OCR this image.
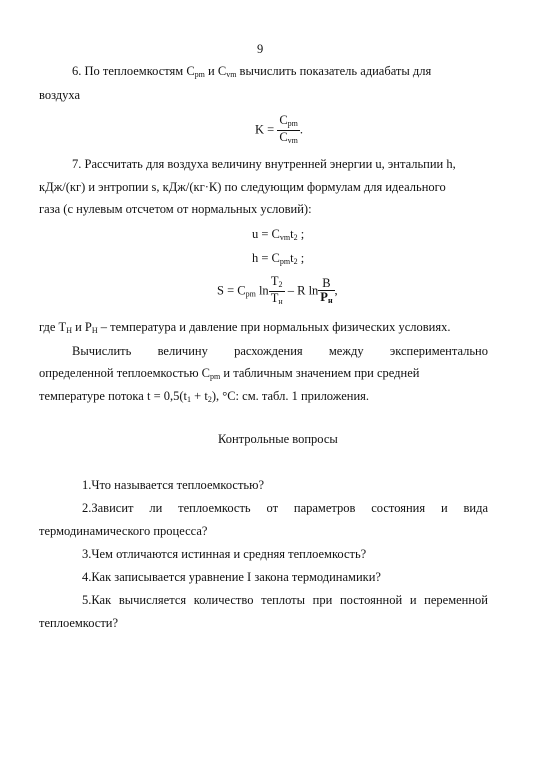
9
6. По теплоемкостям $C_{pm}$ и $C_{vm}$ вычислить показатель адиабаты для
воздуха
$K = \frac{C_{pm}}{C_{vm}}$ .
7. Рассчитать для воздуха величину внутренней энергии u, энтальпии h,
кДж/(кг) и энтропии s, кДж/(кг·К) по следующим формулам для идеального
газа (с нулевым отсчетом от нормальных условий):
$u = C_{vm}t_2$ ;
$h = C_{pm}t_2$ ;
$S = C_{pm}$ $\ln \frac{T_2}{T_н}$ – R $\ln \frac{B}{P_н}$ ,
где $T_Н$ и $P_Н$ – температура и давление при нормальных физических условиях.
Вычислить величину расхождения между экспериментально
определенной теплоемкостью $C_{pm}$ и табличным значением при средней
температуре потока $t = 0,5(t_1 + t_2)$, °С: см. табл. 1 приложения.
Контрольные вопросы
1.Что называется теплоемкостью?
2.Зависит ли теплоемкость от параметров состояния и вида
термодинамического процесса?
3.Чем отличаются истинная и средняя теплоемкость?
4.Как записывается уравнение I закона термодинамики?
5.Как вычисляется количество теплоты при постоянной и переменной
теплоемкости?
